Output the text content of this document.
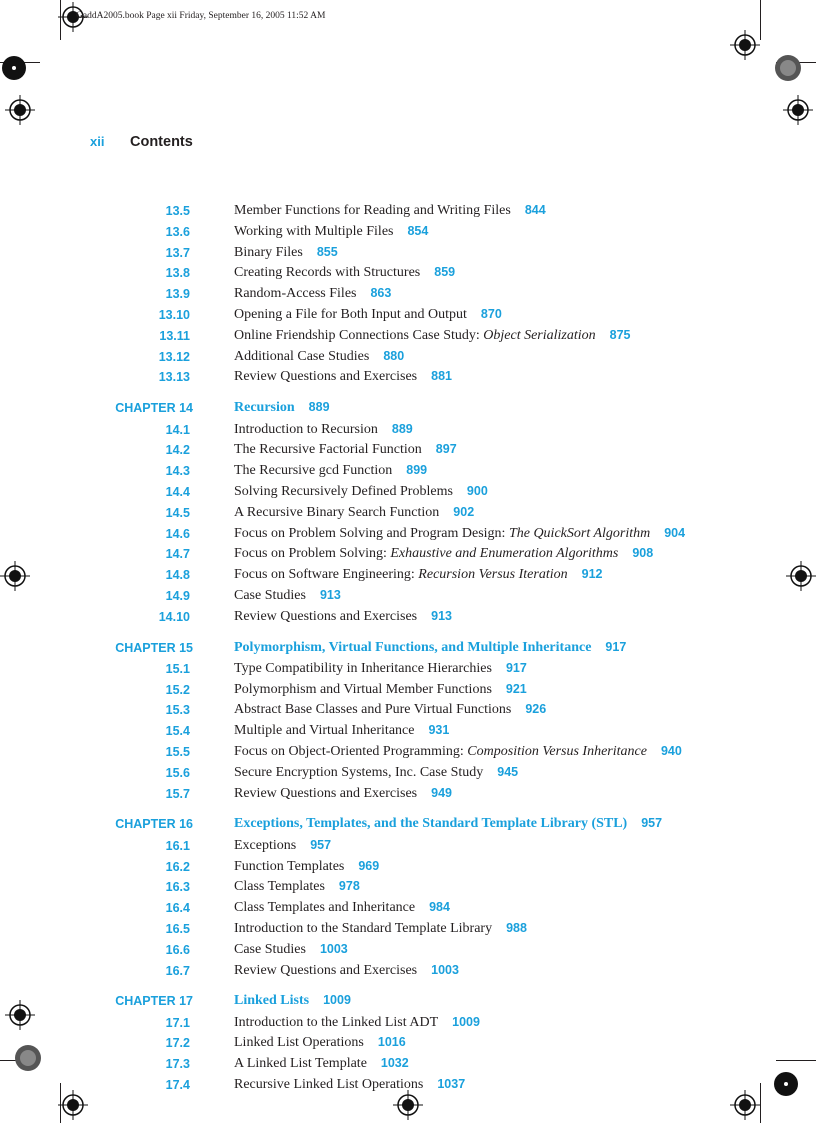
GaddA2005.book Page xii Friday, September 16, 2005 11:52 AM
xii Contents
13.5	Member Functions for Reading and Writing Files 844
13.6	Working with Multiple Files 854
13.7	Binary Files 855
13.8	Creating Records with Structures 859
13.9	Random-Access Files 863
13.10	Opening a File for Both Input and Output 870
13.11	Online Friendship Connections Case Study: Object Serialization 875
13.12	Additional Case Studies 880
13.13	Review Questions and Exercises 881
CHAPTER 14	Recursion 889
14.1	Introduction to Recursion 889
14.2	The Recursive Factorial Function 897
14.3	The Recursive gcd Function 899
14.4	Solving Recursively Defined Problems 900
14.5	A Recursive Binary Search Function 902
14.6	Focus on Problem Solving and Program Design: The QuickSort Algorithm 904
14.7	Focus on Problem Solving: Exhaustive and Enumeration Algorithms 908
14.8	Focus on Software Engineering: Recursion Versus Iteration 912
14.9	Case Studies 913
14.10	Review Questions and Exercises 913
CHAPTER 15	Polymorphism, Virtual Functions, and Multiple Inheritance 917
15.1	Type Compatibility in Inheritance Hierarchies 917
15.2	Polymorphism and Virtual Member Functions 921
15.3	Abstract Base Classes and Pure Virtual Functions 926
15.4	Multiple and Virtual Inheritance 931
15.5	Focus on Object-Oriented Programming: Composition Versus Inheritance 940
15.6	Secure Encryption Systems, Inc. Case Study 945
15.7	Review Questions and Exercises 949
CHAPTER 16	Exceptions, Templates, and the Standard Template Library (STL) 957
16.1	Exceptions 957
16.2	Function Templates 969
16.3	Class Templates 978
16.4	Class Templates and Inheritance 984
16.5	Introduction to the Standard Template Library 988
16.6	Case Studies 1003
16.7	Review Questions and Exercises 1003
CHAPTER 17	Linked Lists 1009
17.1	Introduction to the Linked List ADT 1009
17.2	Linked List Operations 1016
17.3	A Linked List Template 1032
17.4	Recursive Linked List Operations 1037
